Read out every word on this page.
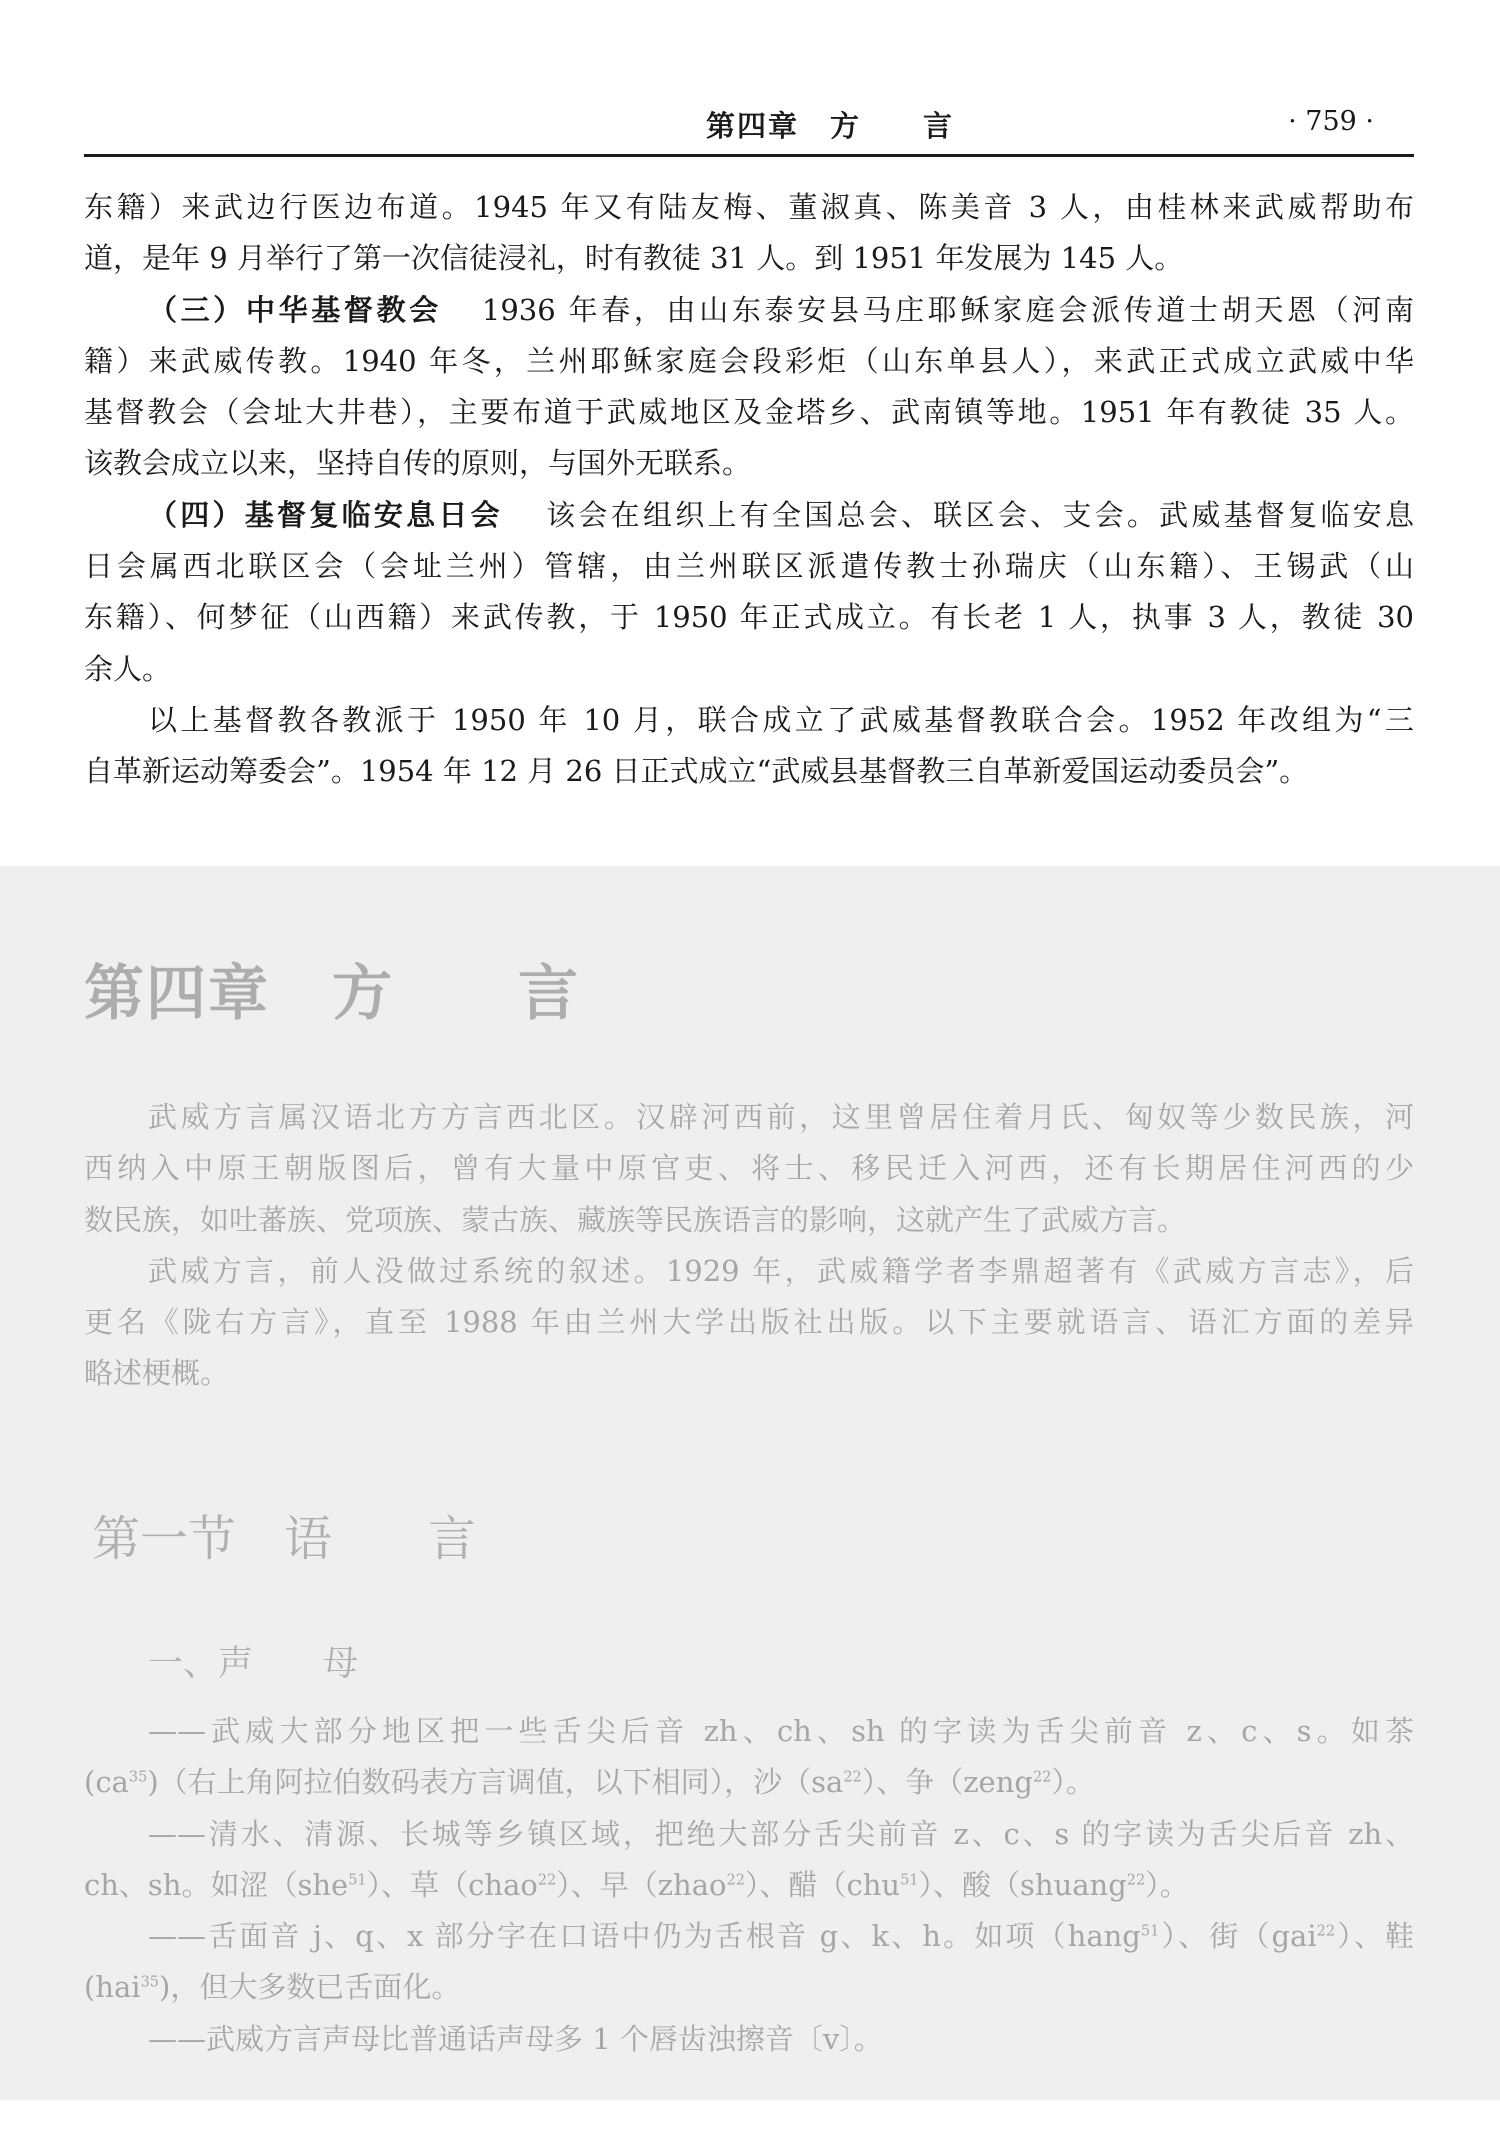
第四章　方　　言	· 759 ·
东籍）来武边行医边布道。1945 年又有陆友梅、董淑真、陈美音 3 人，由桂林来武威帮助布
道，是年 9 月举行了第一次信徒浸礼，时有教徒 31 人。到 1951 年发展为 145 人。
（三）中华基督教会 1936 年春，由山东泰安县马庄耶稣家庭会派传道士胡天恩（河南
籍）来武威传教。1940 年冬，兰州耶稣家庭会段彩炬（山东单县人），来武正式成立武威中华
基督教会（会址大井巷），主要布道于武威地区及金塔乡、武南镇等地。1951 年有教徒 35 人。
该教会成立以来，坚持自传的原则，与国外无联系。
（四）基督复临安息日会 该会在组织上有全国总会、联区会、支会。武威基督复临安息
日会属西北联区会（会址兰州）管辖，由兰州联区派遣传教士孙瑞庆（山东籍）、王锡武（山
东籍）、何梦征（山西籍）来武传教，于 1950 年正式成立。有长老 1 人，执事 3 人，教徒 30
余人。
以上基督教各教派于 1950 年 10 月，联合成立了武威基督教联合会。1952 年改组为“三
自革新运动筹委会”。1954 年 12 月 26 日正式成立“武威县基督教三自革新爱国运动委员会”。
第四章　方　　言
武威方言属汉语北方方言西北区。汉辟河西前，这里曾居住着月氏、匈奴等少数民族，河
西纳入中原王朝版图后，曾有大量中原官吏、将士、移民迁入河西，还有长期居住河西的少
数民族，如吐蕃族、党项族、蒙古族、藏族等民族语言的影响，这就产生了武威方言。
武威方言，前人没做过系统的叙述。1929 年，武威籍学者李鼎超著有《武威方言志》，后
更名《陇右方言》，直至 1988 年由兰州大学出版社出版。以下主要就语言、语汇方面的差异
略述梗概。
第一节　语　　言
一、声　　母
——武威大部分地区把一些舌尖后音 zh、ch、sh 的字读为舌尖前音 z、c、s。如茶
$(ca^{35})$（右上角阿拉伯数码表方言调值，以下相同），沙$(sa^{22})$、争（zeng$^{22}$）。
——清水、清源、长城等乡镇区域，把绝大部分舌尖前音 z、c、s 的字读为舌尖后音 zh、
ch、sh。如涩（she$^{51}$）、草（chao$^{22}$）、早（zhao$^{22}$）、醋（chu$^{51}$）、酸（shuang$^{22}$）。
——舌面音 j、q、x 部分字在口语中仍为舌根音 g、k、h。如项（hang$^{51}$）、街（gai$^{22}$）、鞋
(hai$^{35}$)，但大多数已舌面化。
——武威方言声母比普通话声母多 1 个唇齿浊擦音〔v〕。
